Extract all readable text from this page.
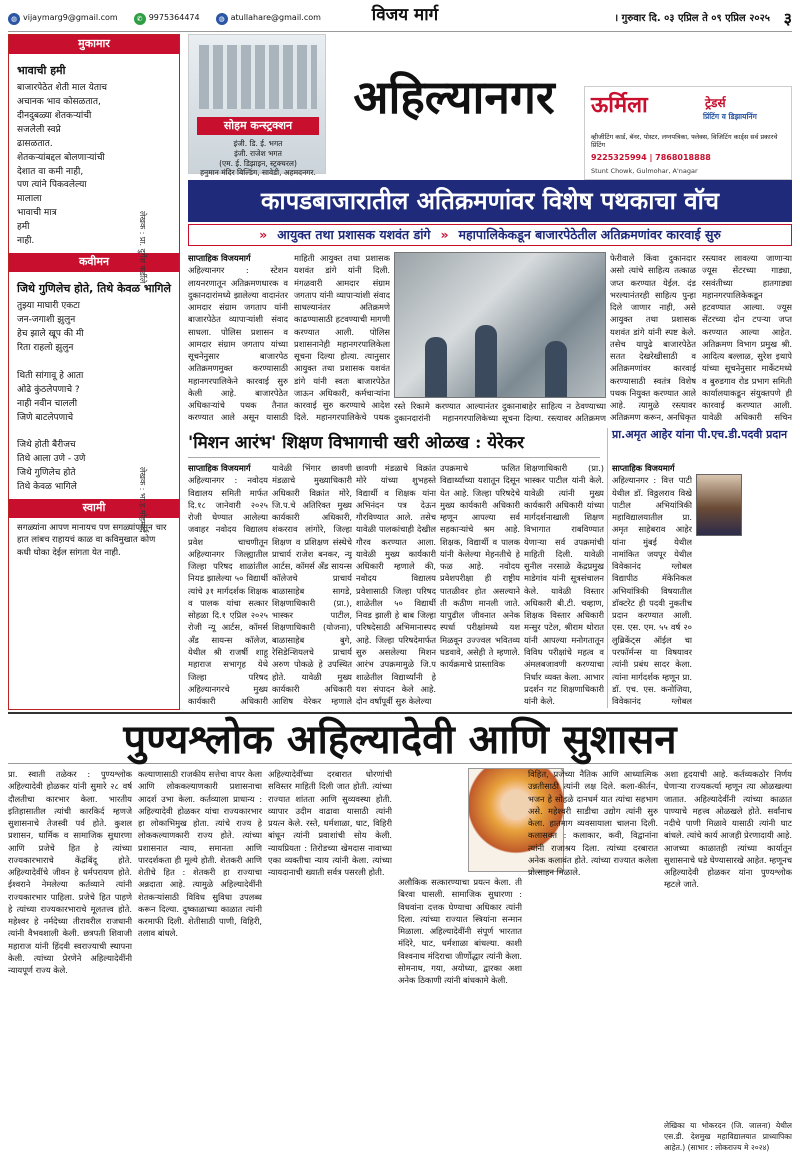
◍ vijaymarg9@gmail.com	✆ 9975364474	◍ atullahare@gmail.com	विजय मार्ग	। गुरुवार दि. ०३ एप्रिल ते ०९ एप्रिल २०२५ ३
मुकामार
भावाची हमी
बाजारपेठेत शेती माल येताच
अचानक भाव कोसळतात,
दीनदुबळ्या शेतकऱ्यांची
सजलेली स्वप्ने
ढासळतात.
शेतकऱ्यांबद्दल बोलणाऱ्यांची
देशात वा कमी नाही,
पण त्यांने पिकवलेल्या
मालाला
भावाची मात्र
हमी
नाही.	लेखक : प्रा. दुर्गेश कर्डीले
कवीमन
जिथे गुणिलेच होते, तिथे केवळ भागिले
तुझ्या माघारी एकटा
जन-जगाशी झुलुन
हेच झाले खूप की मी
रिता राहलो झुलुन

थिती सांगावू हे आता
ओढे कुंठलेपणाचे ?
नाही नवीन चालली
जिणे बाटलेपणाचे

जिथे होती बैरीजच
तिथे आला उणे - उणे
जिथे गुणिलेच होते
तिथे केवळ भागिले	लेखक : भा.ह.मोहम्मद
स्वामी
सगळ्यांना आपण मानायच पण सगळ्यांपासून चार हात लांबच राहायचं काळ वा कविमुखात कोण कधी घोका देईल सांगता येत नाही.
सोहम कन्स्ट्रक्शन
इंजी. डि. ई. भगत
इंजी. राजेश भगत
(एम. ई. डिझाइन, स्ट्रक्चरल)
हनुमान मंदिर बिल्डिंग, सावेडी, अहमदनगर.
अहिल्यानगर	ऊर्मिला	ट्रेडर्स
प्रिंटिंग व डिझायनिंग
व्हीजीटिंग कार्ड, बॅनर, पोस्टर, लग्नपत्रिका, फ्लेक्स, विजिटिंग कार्ड्स सर्व प्रकारचे प्रिंटिंग
9225325994 | 7868018888
Stunt Chowk, Gulmohar, A'nagar
कापडबाजारातील अतिक्रमणांवर विशेष पथकाचा वॉच
» आयुक्त तथा प्रशासक यशवंत डांगे » महापालिकेकडून बाजारपेठेतील अतिक्रमणांवर कारवाई सुरु
साप्ताहिक विजयमार्ग
अहिल्यानगर : स्टेशन लायनरणातून अतिक्रमणधारक व दुकानदारांमध्ये झालेल्या वादानंतर आमदार संग्राम जगताप यांनी बाजारपेठेत व्यापाऱ्यांशी संवाद साधला. पोलिस प्रशासन व आमदार संग्राम जगताप यांच्या सूचनेनुसार बाजारपेठ अतिक्रमणमुक्त करण्यासाठी महानगरपालिकेने कारवाई सुरु केली आहे. बाजारपेठेत अधिकाऱ्यांचे पथक तैनात करण्यात आले असून यासाठी
माहिती आयुक्त तथा प्रशासक यशवंत डांगे यांनी दिली. मंगळवारी आमदार संग्राम जगताप यांनी व्यापाऱ्यांशी संवाद साधल्यानंतर अतिक्रमणे काढण्यासाठी हटवण्याची मागणी करण्यात आली. पोलिस प्रशासनानेही महानगरपालिकेला सूचना दिल्या होत्या. त्यानुसार आयुक्त तथा प्रशासक यशवंत डांगे यांनी स्वतः बाजारपेठेत जाऊन अधिकारी, कर्मचाऱ्यांना कारवाई सुरु करण्याचे आदेश दिले. महानगरपालिकेचे पथक
रस्ते रिकामे करण्यात आल्यानंतर दुकानदारांनी महानगरपालिकेच्या
दुकानाबाहेर साहित्य न ठेवण्याच्या सूचना दिल्या. रस्त्यावर अतिक्रमण
फेरीवाले किंवा दुकानदार असो त्यांचे साहित्य तत्काळ जप्त करण्यात येईल. दंड भरल्यानंतरही साहित्य पुन्हा दिले जाणार नाही, असे आयुक्त तथा प्रशासक यशवंत डांगे यांनी स्पष्ट केले. तसेच यापुढे बाजारपेठेत सतत देखरेखीसाठी व अतिक्रमणांवर कारवाई करण्यासाठी स्वतंत्र विशेष पथक नियुक्त करण्यात आले आहे. त्यामुळे रस्त्यावर अतिक्रमण करून, अनधिकृत
रस्त्यावर लावल्या जाणाऱ्या ज्यूस सेंटरच्या गाड्या, रसवंतीच्या हातगाड्या महानगरपालिकेकडून हटवण्यात आल्या. ज्यूस सेंटरच्या दोन टपऱ्या जप्त करण्यात आल्या आहेत. अतिक्रमण विभाग प्रमुख श्री. आदित्य बल्लाळ, सुरेश इथापे यांच्या सूचनेनुसार मार्केटमध्ये व बुरुडगाव रोड प्रभाग समिती कार्यालयाकडून संयुक्तपणे ही कारवाई करण्यात आली. यावेळी अधिकारी सचिन
'मिशन आरंभ' शिक्षण विभागाची खरी ओळख : येरेकर
साप्ताहिक विजयमार्ग
अहिल्यानगर : नवोदय विद्यालय समिती मार्फत दि.१८ जानेवारी २०२५ रोजी घेण्यात आलेल्या जवाहर नवोदय विद्यालय प्रवेश चाचणीतून अहिल्यानगर जिल्ह्यातील जिल्हा परिषद शाळांतील नियड झालेल्या ५० विद्यार्थी त्यांचे ३१ मार्गदर्शक शिक्षक व पालक यांचा सत्कार सोहळा दि.१ एप्रिल २०२५ रोजी न्यू आर्टस, कॉमर्स अँड सायन्स कॉलेज, येथील श्री राजर्षी शाहू महाराज सभागृह येथे जिल्हा परिषद अहिल्यानगरचे मुख्य कार्यकारी अधिकारी
यावेळी भिंगार छावणी मंडळाचे मुख्याधिकारी अधिकारी विक्रांत मोरे, जि.प.चे अतिरिक्त मुख्य कार्यकारी अधिकारी, शंकरराव लांगोरे, जिल्हा शिक्षण व प्रशिक्षण संस्थेचे प्राचार्य राजेश बनकर, न्यू आर्टस, कॉमर्स अँड सायन्स कॉलेजचे प्राचार्य बाळासाहेब सागडे, शिक्षणाधिकारी (प्रा.), भास्कर पाटील, शिक्षणाधिकारी (योजना), बाळासाहेब बुगे, रेसिडेन्शियलचे प्राचार्य अरुण पोकळे हे उपस्थित होते. यावेळी मुख्य कार्यकारी अधिकारी आशिष येरेकर म्हणाले
छावणी मंडळाचे विक्रांत मोरे यांच्या शुभहस्ते विद्यार्थी व शिक्षक यांना अभिनंदन पत्र देऊन गौरविण्यात आले. तसेच यावेळी पालकांचाही देखील गौरव करण्यात आला. यावेळी मुख्य कार्यकारी अधिकारी म्हणाले की, नवोदय विद्यालय प्रवेशासाठी जिल्हा परिषद शाळेतील ५० विद्यार्थी निवड झाली हे बाब जिल्हा परिषदेसाठी अभिमानास्पद आहे. जिल्हा परिषदेमार्फत सुरु असलेल्या मिशन आरंभ उपक्रमामुळे जि.प शाळेतील विद्यार्थ्यांनी हे यश संपादन केले आहे. दोन वर्षांपूर्वी सुरु केलेल्या
उपक्रमाचे फलित विद्यार्थ्यांच्या यशातून दिसून येत आहे. जिल्हा परिषदेचे मुख्य कार्यकारी अधिकारी म्हणून आपल्या सर्व सहकाऱ्यांचे श्रम आहे. शिक्षक, विद्यार्थी व पालक यांनी केलेल्या मेहनतीचे हे फळ आहे. नवोदय प्रवेशपरीक्षा ही राष्ट्रीय पातळीवर होत असल्याने ती कठीण मानली जाते. यापुढील जीवनात अनेक स्पर्धा परीक्षांमध्ये यश मिळवून उज्ज्वल भवितव्य घडवावे, असेही ते म्हणाले. कार्यक्रमाचे प्रास्ताविक
शिक्षणाधिकारी (प्रा.) भास्कर पाटील यांनी केले. यावेळी त्यांनी मुख्य कार्यकारी अधिकारी यांच्या मार्गदर्शनाखाली शिक्षण विभागात राबविण्यात येणाऱ्या सर्व उपक्रमांची माहिती दिली. यावेळी सुनील नरसाळे केंद्रप्रमुख माडेगांव यांनी सूत्रसंचालन केले. यावेळी विस्तार अधिकारी बी.टी. चव्हाण, शिक्षक विस्तार अधिकारी मन्सुर पटेल, श्रीराम थोरात यांनी आपल्या मनोगतातून विविध परीक्षांचे महत्व व अंमलबजावणी करण्याचा निर्धार व्यक्त केला. आभार प्रदर्शन गट शिक्षणाधिकारी यांनी केले.
प्रा.अमृत आहेर यांना पी.एच.डी.पदवी प्रदान
साप्ताहिक विजयमार्ग
अहिल्यानगर : वित्त पाटी येथील डॉ. विठ्ठलराव विखे पाटील अभियांत्रिकी महाविद्यालयातील प्रा. अमृत साहेबराव आहेर यांना मुंबई येथील नामांकित जयपूर येथील विवेकानंद ग्लोबल विद्यापीठ मॅकेनिकल अभियांत्रिकी विषयातील डॉक्टरेट ही पदवी नुकतीच प्रदान करण्यात आली. एस. एस. एम. ५५ वर्ष २० लुब्रिकेंट्स ऑईल चा परफॉर्मन्स या विषयावर त्यांनी प्रबंध सादर केला. त्यांना मार्गदर्शक म्हणून प्रा. डॉ. एच. एस. कनोजिया, विवेकानंद ग्लोबल
पुण्यश्लोक अहिल्यादेवी आणि सुशासन
प्रा. स्वाती तळेकर : पुण्यश्लोक अहिल्यादेवी होळकर यांनी सुमारे २८ वर्ष दौलतीचा कारभार केला. भारतीय इतिहासातील त्यांची कारकिर्द म्हणजे सुशासनाचे तेजस्वी पर्व होते. कुशल प्रशासन, धार्मिक व सामाजिक सुधारणा आणि प्रजेचे हित हे त्यांच्या राज्यकारभाराचे केंद्रबिंदू होते. अहिल्यादेवींचे जीवन हे धर्मपरायण होते. ईश्वराने नेमलेल्या कर्तव्याने त्यांनी राज्यकारभार पाहिला. प्रजेचे हित पाहणे हे त्यांच्या राज्यकारभाराचे मूलतत्त्व होते. महेश्वर हे नर्मदेच्या तीरावरील राजधानी त्यांनी वैभवशाली केली. छत्रपती शिवाजी महाराज यांनी हिंदवी स्वराज्याची स्थापना केली. त्यांच्या प्रेरणेने अहिल्यादेवींनी न्यायपूर्ण राज्य केले.
कल्याणासाठी राजकीय सत्तेचा वापर केला आणि लोककल्याणकारी प्रशासनाचा आदर्श उभा केला. कर्तव्याला प्राधान्य : अहिल्यादेवी होळकर यांचा राज्यकारभार हा लोकाभिमुख होता. त्यांचे राज्य हे लोककल्याणकारी राज्य होते. त्यांच्या प्रशासनात न्याय, समानता आणि पारदर्शकता ही मूल्ये होती. शेतकरी आणि शेतीचे हित : शेतकरी हा राज्याचा अन्नदाता आहे. त्यामुळे अहिल्यादेवींनी शेतकऱ्यांसाठी विविध सुविधा उपलब्ध करून दिल्या. दुष्काळाच्या काळात त्यांनी करमाफी दिली. शेतीसाठी पाणी, विहिरी, तलाव बांधले.
अहिल्यादेवींच्या दरबारात धोरणांची सविस्तर माहिती दिली जात होती. त्यांच्या राज्यात शांतता आणि सुव्यवस्था होती. व्यापार उदीम वाढावा यासाठी त्यांनी प्रयत्न केले. रस्ते, धर्मशाळा, घाट, विहिरी बांधून त्यांनी प्रवाशांची सोय केली. न्यायप्रियता : तिरोडच्या खेमदास नावाच्या एका व्यक्तीचा न्याय त्यांनी केला. त्यांच्या न्यायदानाची ख्याती सर्वत्र पसरली होती.
अलौकिक सत्कारण्याचा प्रयत्न केला. ती बिरवा घासली. सामाजिक सुधारणा : विधवांना दत्तक घेण्याचा अधिकार त्यांनी दिला. त्यांच्या राज्यात स्त्रियांना सन्मान मिळाला. अहिल्यादेवींनी संपूर्ण भारतात मंदिरे, घाट, धर्मशाळा बांधल्या. काशी विश्वनाथ मंदिराचा जीर्णोद्धार त्यांनी केला. सोमनाथ, गया, अयोध्या, द्वारका अशा अनेक ठिकाणी त्यांनी बांधकामे केली.
विहित, प्रजेच्या नैतिक आणि आध्यात्मिक उन्नतीसाठी त्यांनी लक्ष दिले. कला-कीर्तन, भजन हे सोहळे दानधर्म यात त्यांचा सहभाग असे. महेश्वरी साडीचा उद्योग त्यांनी सुरु केला. हातमाग व्यवसायाला चालना दिली. कलासक्त : कलाकार, कवी, विद्वानांना त्यांनी राजाश्रय दिला. त्यांच्या दरबारात अनेक कलावंत होते. त्यांच्या राज्यात कलेला प्रोत्साहन मिळाले.
अशा हृदयाची आहे. कर्तव्यकठोर निर्णय घेणाऱ्या राज्यकर्त्या म्हणून त्या ओळखल्या जातात. अहिल्यादेवींनी त्यांच्या काळात पाण्याचे महत्त्व ओळखले होते. सर्वांनाच नदीचे पाणी मिळावे यासाठी त्यांनी घाट बांधले. त्यांचे कार्य आजही प्रेरणादायी आहे. आजच्या काळातही त्यांच्या कार्यातून सुशासनाचे धडे घेण्यासारखे आहेत. म्हणूनच अहिल्यादेवी होळकर यांना पुण्यश्लोक म्हटले जाते.
लेखिका या भोकरदन (जि. जालना) येथील एस.डी. देशमुख महाविद्यालयात प्राध्यापिका आहेत.) (साभार : लोकराज्य मे २०२४)
